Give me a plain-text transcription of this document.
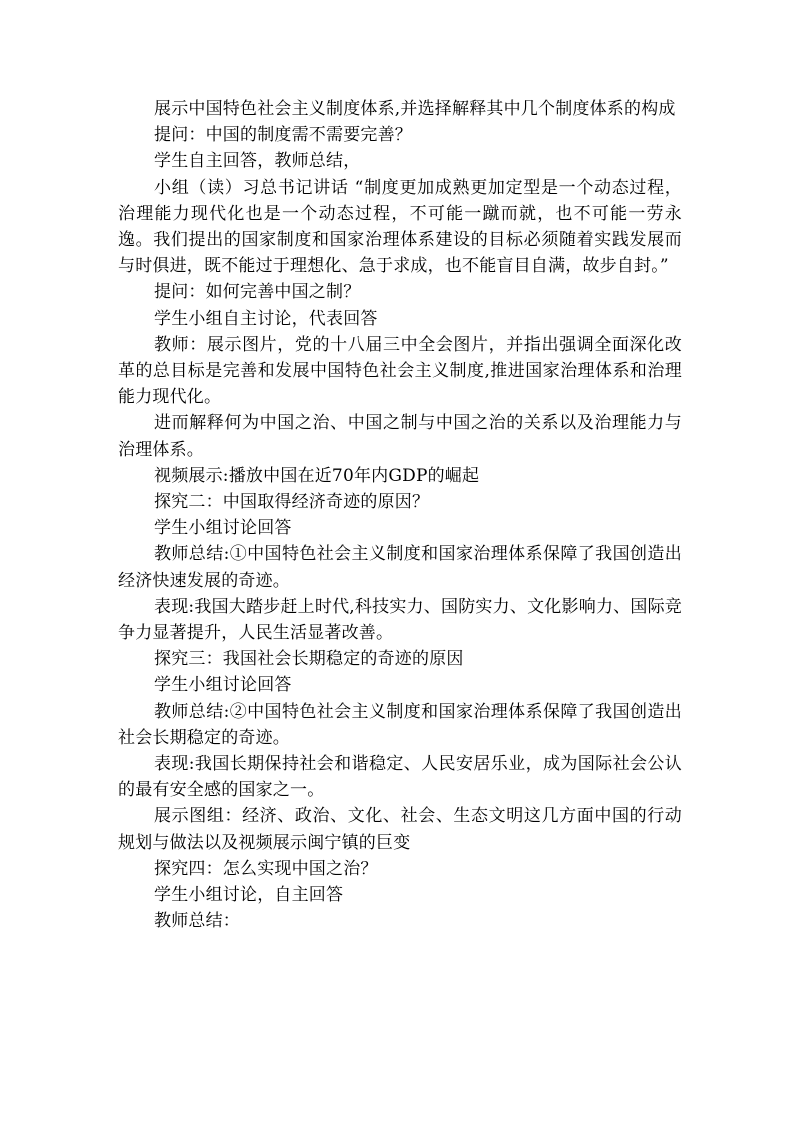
展示中国特色社会主义制度体系,并选择解释其中几个制度体系的构成

提问：中国的制度需不需要完善？

学生自主回答，教师总结，

小组（读）习总书记讲话 “制度更加成熟更加定型是一个动态过程，治理能力现代化也是一个动态过程，不可能一蹴而就，也不可能一劳永逸。我们提出的国家制度和国家治理体系建设的目标必须随着实践发展而与时俱进，既不能过于理想化、急于求成，也不能盲目自满，故步自封。”

提问：如何完善中国之制？

学生小组自主讨论，代表回答

教师：展示图片，党的十八届三中全会图片，并指出强调全面深化改革的总目标是完善和发展中国特色社会主义制度,推进国家治理体系和治理能力现代化。

进而解释何为中国之治、中国之制与中国之治的关系以及治理能力与治理体系。

视频展示:播放中国在近70年内GDP的崛起

探究二：中国取得经济奇迹的原因？

学生小组讨论回答

教师总结:①中国特色社会主义制度和国家治理体系保障了我国创造出经济快速发展的奇迹。

表现:我国大踏步赶上时代,科技实力、国防实力、文化影响力、国际竞争力显著提升，人民生活显著改善。

探究三：我国社会长期稳定的奇迹的原因

学生小组讨论回答

教师总结:②中国特色社会主义制度和国家治理体系保障了我国创造出社会长期稳定的奇迹。

表现:我国长期保持社会和谐稳定、人民安居乐业，成为国际社会公认的最有安全感的国家之一。

展示图组：经济、政治、文化、社会、生态文明这几方面中国的行动规划与做法以及视频展示闽宁镇的巨变

探究四：怎么实现中国之治？

学生小组讨论，自主回答

教师总结：
